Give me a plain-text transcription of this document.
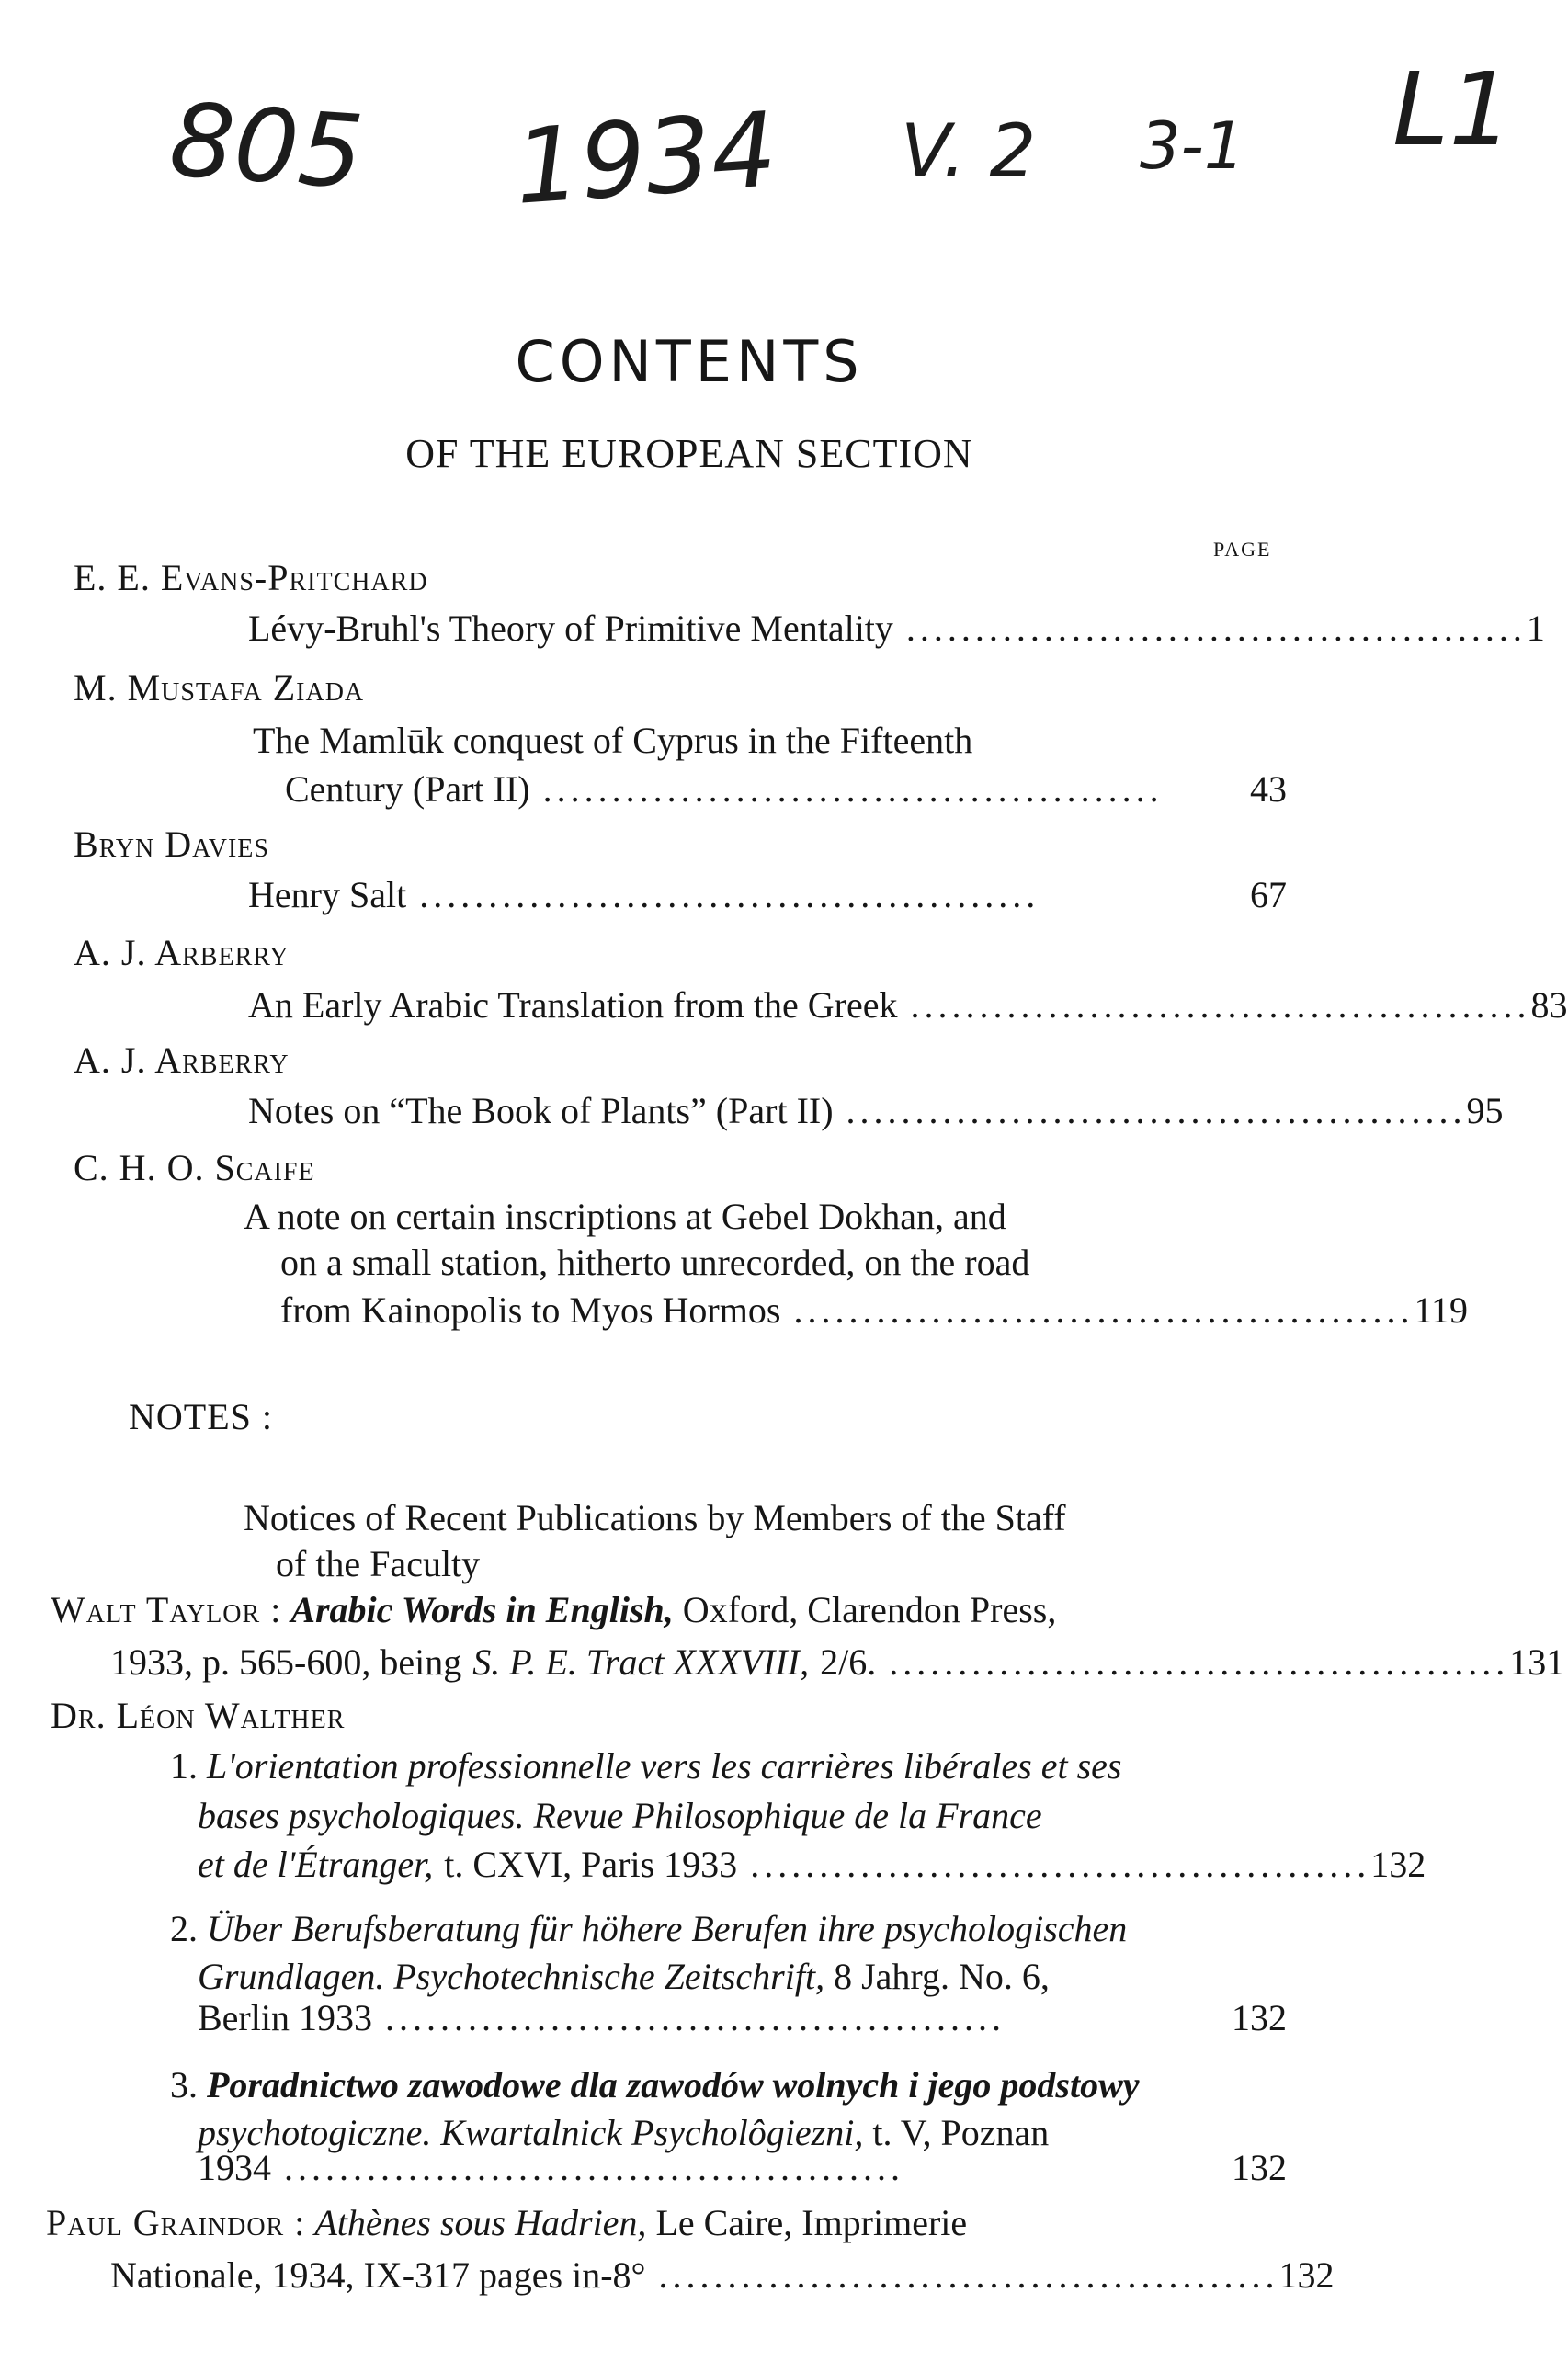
805 1934 V. 2 3-1 L1
CONTENTS
OF THE EUROPEAN SECTION
PAGE
E. E. Evans-Pritchard
Lévy-Bruhl's Theory of Primitive Mentality ............................................. 1
M. Mustafa Ziada
The Mamlūk conquest of Cyprus in the Fifteenth
Century (Part II) .............................................	43
Bryn Davies
Henry Salt .............................................	67
A. J. Arberry
An Early Arabic Translation from the Greek ............................................. 83
A. J. Arberry
Notes on “The Book of Plants” (Part II) ............................................. 95
C. H. O. Scaife
A note on certain inscriptions at Gebel Dokhan, and
on a small station, hitherto unrecorded, on the road
from Kainopolis to Myos Hormos ............................................. 119
NOTES :
Notices of Recent Publications by Members of the Staff
of the Faculty
Walt Taylor : Arabic Words in English, Oxford, Clarendon Press,
1933, p. 565-600, being S. P. E. Tract XXXVIII, 2/6. ............................................. 131
Dr. Léon Walther
1. L'orientation professionnelle vers les carrières libérales et ses
bases psychologiques. Revue Philosophique de la France
et de l'Étranger, t. CXVI, Paris 1933 ............................................. 132
2. Über Berufsberatung für höhere Berufen ihre psychologischen
Grundlagen. Psychotechnische Zeitschrift, 8 Jahrg. No. 6,
Berlin 1933 .............................................	132
3. Poradnictwo zawodowe dla zawodów wolnych i jego podstowy
psychotogiczne. Kwartalnick Psycholôgiezni, t. V, Poznan
1934 .............................................	132
Paul Graindor : Athènes sous Hadrien, Le Caire, Imprimerie
Nationale, 1934, IX-317 pages in-8° ............................................. 132
